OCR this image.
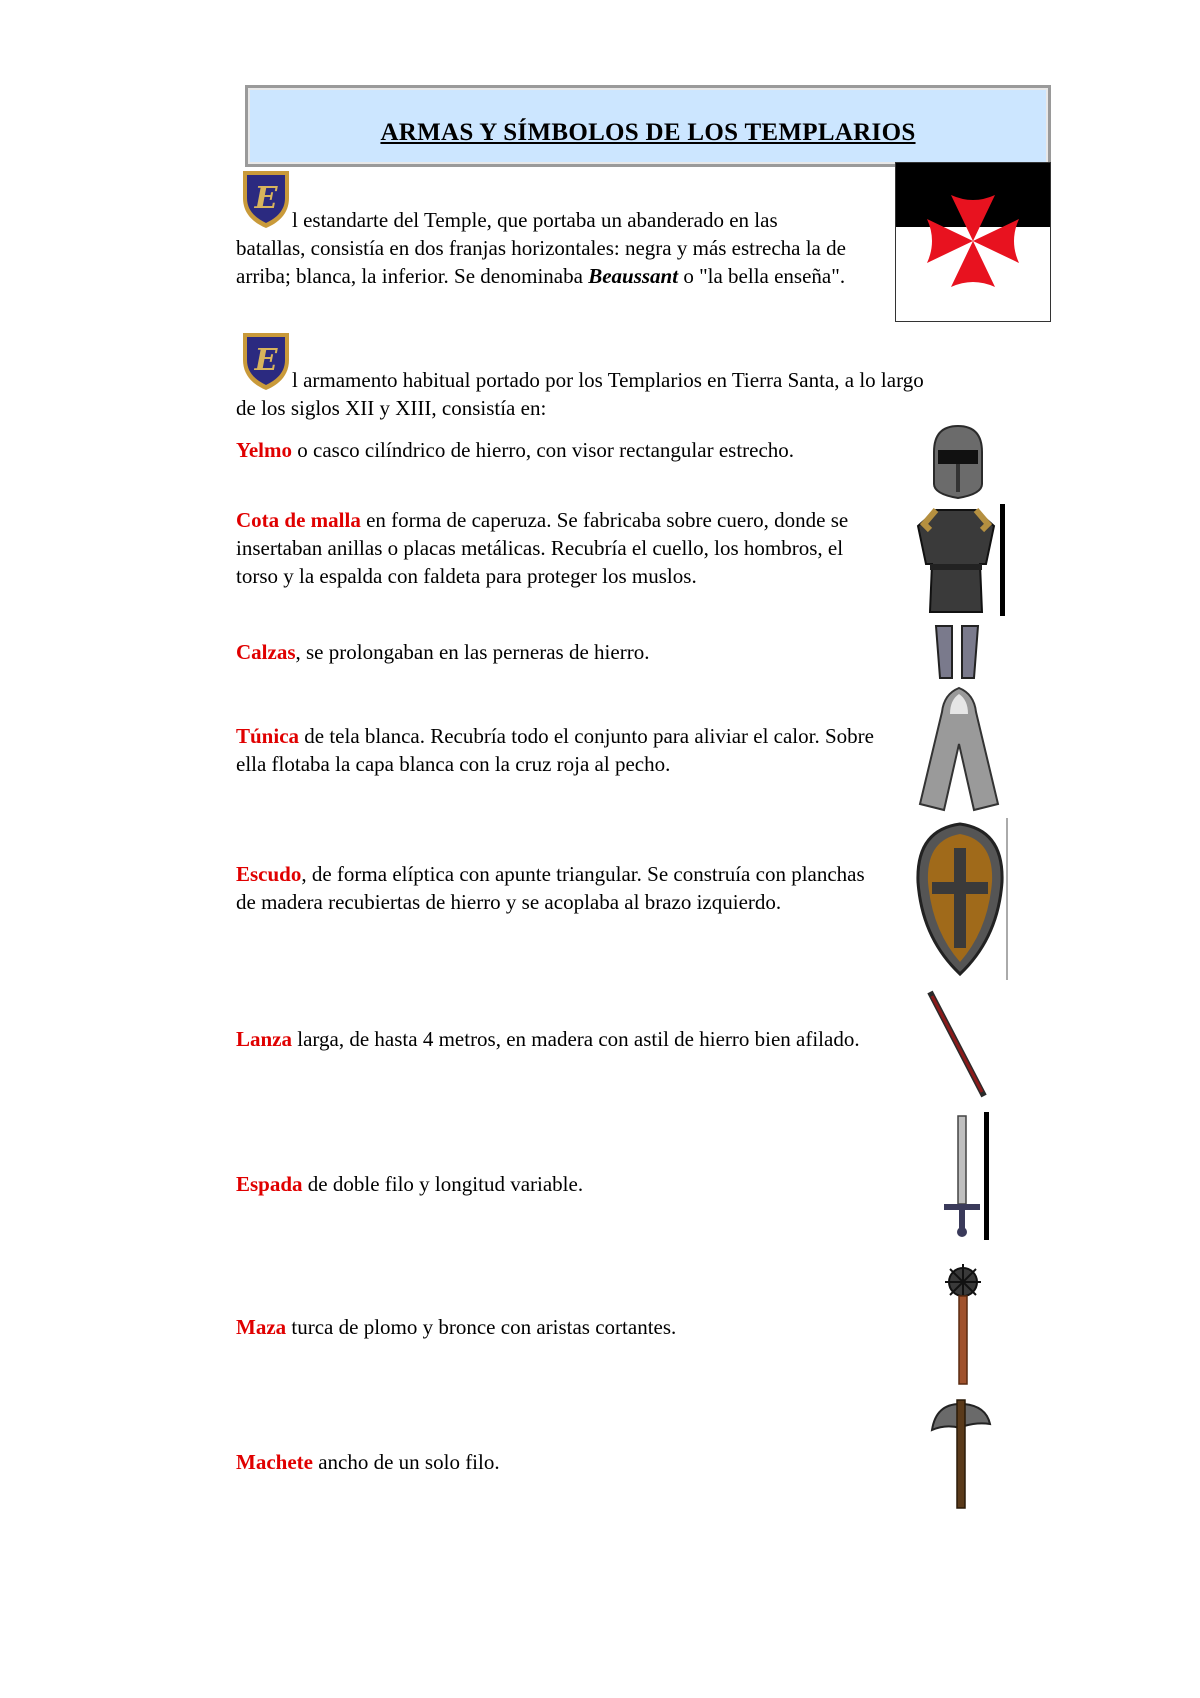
ARMAS Y SÍMBOLOS DE LOS TEMPLARIOS
E
l estandarte del Temple, que portaba un abanderado en las
batallas, consistía en dos franjas horizontales: negra y más estrecha la de arriba; blanca, la inferior. Se denominaba Beaussant o "la bella enseña".
E
l armamento habitual portado por los Templarios en Tierra Santa, a lo largo
de los siglos XII y XIII, consistía en:
Yelmo o casco cilíndrico de hierro, con visor rectangular estrecho.
Cota de malla en forma de caperuza. Se fabricaba sobre cuero, donde se insertaban anillas o placas metálicas. Recubría el cuello, los hombros, el torso y la espalda con faldeta para proteger los muslos.
Calzas, se prolongaban en las perneras de hierro.
Túnica de tela blanca. Recubría todo el conjunto para aliviar el calor. Sobre ella flotaba la capa blanca con la cruz roja al pecho.
Escudo, de forma elíptica con apunte triangular. Se construía con planchas de madera recubiertas de hierro y se acoplaba al brazo izquierdo.
Lanza larga, de hasta 4 metros, en madera con astil de hierro bien afilado.
Espada de doble filo y longitud variable.
Maza turca de plomo y bronce con aristas cortantes.
Machete ancho de un solo filo.
